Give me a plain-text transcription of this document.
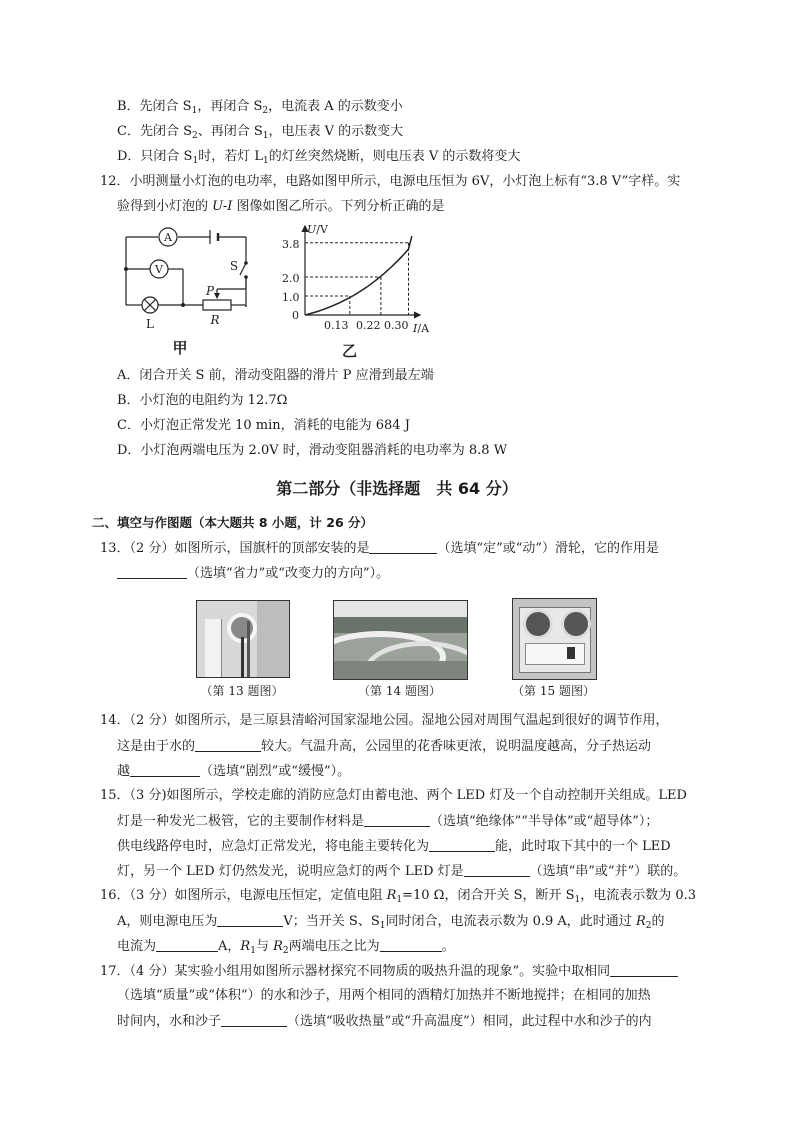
B．先闭合 $S_1$，再闭合 $S_2$，电流表 A 的示数变小
C．先闭合 $S_2$、再闭合 $S_1$，电压表 V 的示数变大
D．只闭合 $S_1$时，若灯 $L_1$的灯丝突然烧断，则电压表 V 的示数将变大
12．小明测量小灯泡的电功率，电路如图甲所示，电源电压恒为 6V，小灯泡上标有“3.8 V”字样。实
验得到小灯泡的 U-I 图像如图乙所示。下列分析正确的是
A
V	S
P
R
L
甲
U/V
I/A
0
3.8
2.0
1.0
0.13 0.22 0.30
乙
A．闭合开关 S 前，滑动变阻器的滑片 P 应滑到最左端
B．小灯泡的电阻约为 12.7Ω
C．小灯泡正常发光 10 min，消耗的电能为 684 J
D．小灯泡两端电压为 2.0V 时，滑动变阻器消耗的电功率为 8.8 W
第二部分（非选择题　共 64 分）
二、填空与作图题（本大题共 8 小题，计 26 分）
13．（2 分）如图所示，国旗杆的顶部安装的是	（选填“定”或“动”）滑轮，它的作用是
（选填“省力”或“改变力的方向”）。
（第 13 题图）	（第 14 题图）	（第 15 题图）
14．（2 分）如图所示，是三原县清峪河国家湿地公园。湿地公园对周围气温起到很好的调节作用，
这是由于水的	较大。气温升高，公园里的花香味更浓，说明温度越高，分子热运动
越	（选填“剧烈”或“缓慢”）。
15．（3 分)如图所示，学校走廊的消防应急灯由蓄电池、两个 LED 灯及一个自动控制开关组成。LED
灯是一种发光二极管，它的主要制作材料是	（选填“绝缘体”“半导体”或“超导体”）；
供电线路停电时，应急灯正常发光，将电能主要转化为	能，此时取下其中的一个 LED
灯，另一个 LED 灯仍然发光，说明应急灯的两个 LED 灯是	（选填“串”或“并”）联的。
16．（3 分）如图所示，电源电压恒定，定值电阻 $R_1=10$ Ω，闭合开关 S，断开 $S_1$，电流表示数为 0.3
A，则电源电压为	V；当开关 S、$S_1$同时闭合，电流表示数为 0.9 A，此时通过 $R_2$的
电流为	A，$R_1$与 $R_2$两端电压之比为	。
17．（4 分）某实验小组用如图所示器材探究不同物质的吸热升温的现象”。实验中取相同
（选填“质量”或“体积”）的水和沙子，用两个相同的酒精灯加热并不断地搅拌；在相同的加热
时间内，水和沙子	（选填“吸收热量”或“升高温度”）相同，此过程中水和沙子的内
